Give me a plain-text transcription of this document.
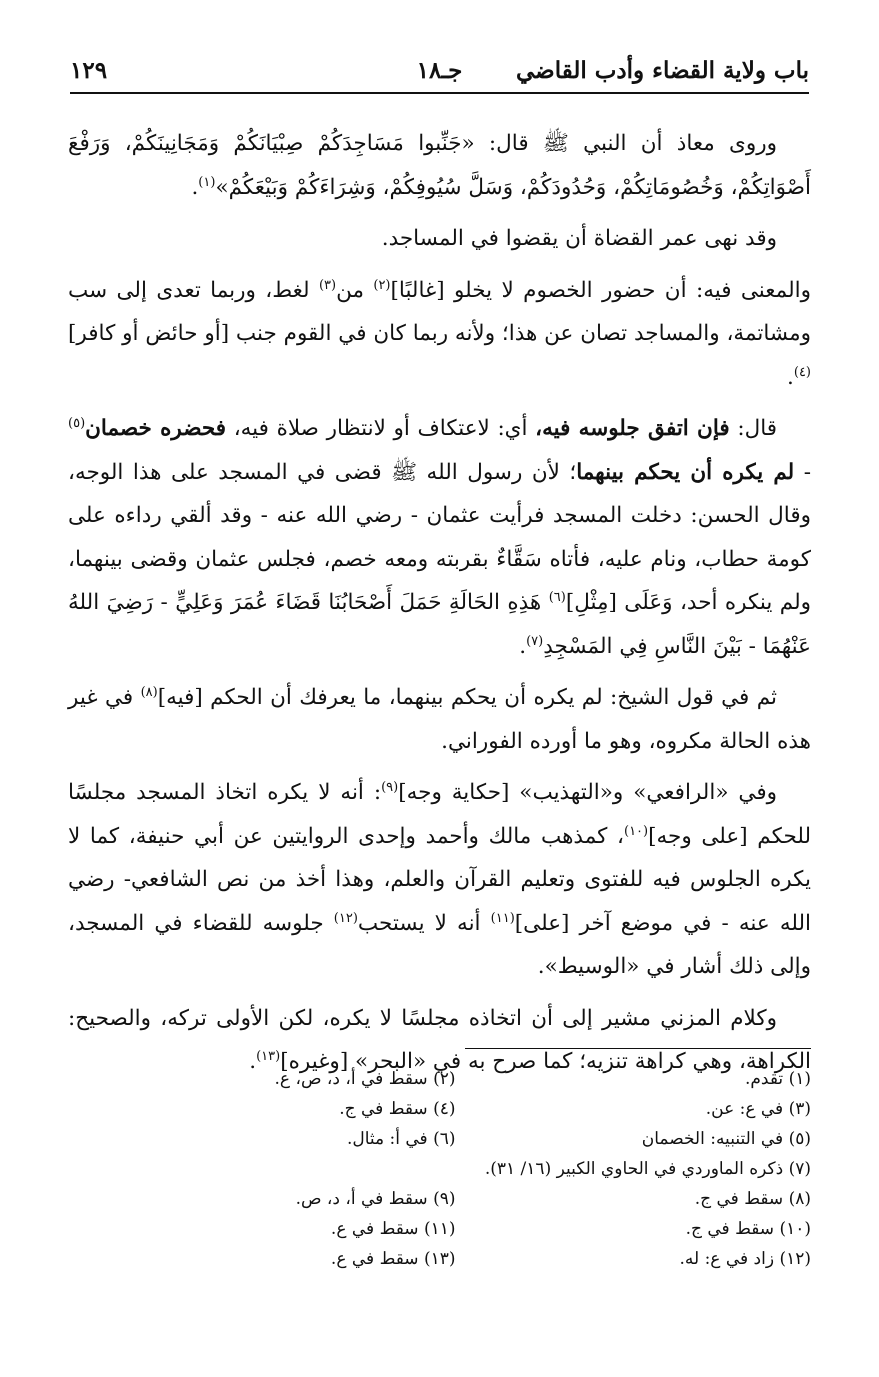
باب ولاية القضاء وأدب القاضي
جـ١٨
١٢٩

وروى معاذ أن النبي ﷺ قال: «جَنِّبوا مَسَاجِدَكُمْ صِبْيَانَكُمْ وَمَجَانِينَكُمْ، وَرَفْعَ أَصْوَاتِكُمْ، وَخُصُومَاتِكُمْ، وَحُدُودَكُمْ، وَسَلَّ سُيُوفِكُمْ، وَشِرَاءَكُمْ وَبَيْعَكُمْ»$^{(١)}$.

وقد نهى عمر القضاة أن يقضوا في المساجد.

والمعنى فيه: أن حضور الخصوم لا يخلو [غالبًا]$^{(٢)}$ من$^{(٣)}$ لغط، وربما تعدى إلى سب ومشاتمة، والمساجد تصان عن هذا؛ ولأنه ربما كان في القوم جنب [أو حائض أو كافر]$^{(٤)}$.

قال: فإن اتفق جلوسه فيه، أي: لاعتكاف أو لانتظار صلاة فيه، فحضره خصمان$^{(٥)}$ - لم يكره أن يحكم بينهما؛ لأن رسول الله ﷺ قضى في المسجد على هذا الوجه، وقال الحسن: دخلت المسجد فرأيت عثمان - رضي الله عنه - وقد ألقي رداءه على كومة حطاب، ونام عليه، فأتاه سَقَّاءٌ بقربته ومعه خصم، فجلس عثمان وقضى بينهما، ولم ينكره أحد، وَعَلَى [مِثْلِ]$^{(٦)}$ هَذِهِ الحَالَةِ حَمَلَ أَصْحَابُنَا قَضَاءَ عُمَرَ وَعَلِيٍّ - رَضِيَ اللهُ عَنْهُمَا - بَيْنَ النَّاسِ فِي المَسْجِدِ$^{(٧)}$.

ثم في قول الشيخ: لم يكره أن يحكم بينهما، ما يعرفك أن الحكم [فيه]$^{(٨)}$ في غير هذه الحالة مكروه، وهو ما أورده الفوراني.

وفي «الرافعي» و«التهذيب» [حكاية وجه]$^{(٩)}$: أنه لا يكره اتخاذ المسجد مجلسًا للحكم [على وجه]$^{(١٠)}$، كمذهب مالك وأحمد وإحدى الروايتين عن أبي حنيفة، كما لا يكره الجلوس فيه للفتوى وتعليم القرآن والعلم، وهذا أخذ من نص الشافعي- رضي الله عنه - في موضع آخر [على]$^{(١١)}$ أنه لا يستحب$^{(١٢)}$ جلوسه للقضاء في المسجد، وإلى ذلك أشار في «الوسيط».

وكلام المزني مشير إلى أن اتخاذه مجلسًا لا يكره، لكن الأولى تركه، والصحيح: الكراهة، وهي كراهة تنزيه؛ كما صرح به في «البحر» [وغيره]$^{(١٣)}$.

(١) تقدم.
(٢) سقط في أ، د، ص، ع.
(٣) في ع: عن.
(٤) سقط في ج.
(٥) في التنبيه: الخصمان
(٦) في أ: مثال.
(٧) ذكره الماوردي في الحاوي الكبير (١٦/ ٣١).
(٨) سقط في ج.
(٩) سقط في أ، د، ص.
(١٠) سقط في ج.
(١١) سقط في ع.
(١٢) زاد في ع: له.
(١٣) سقط في ع.
